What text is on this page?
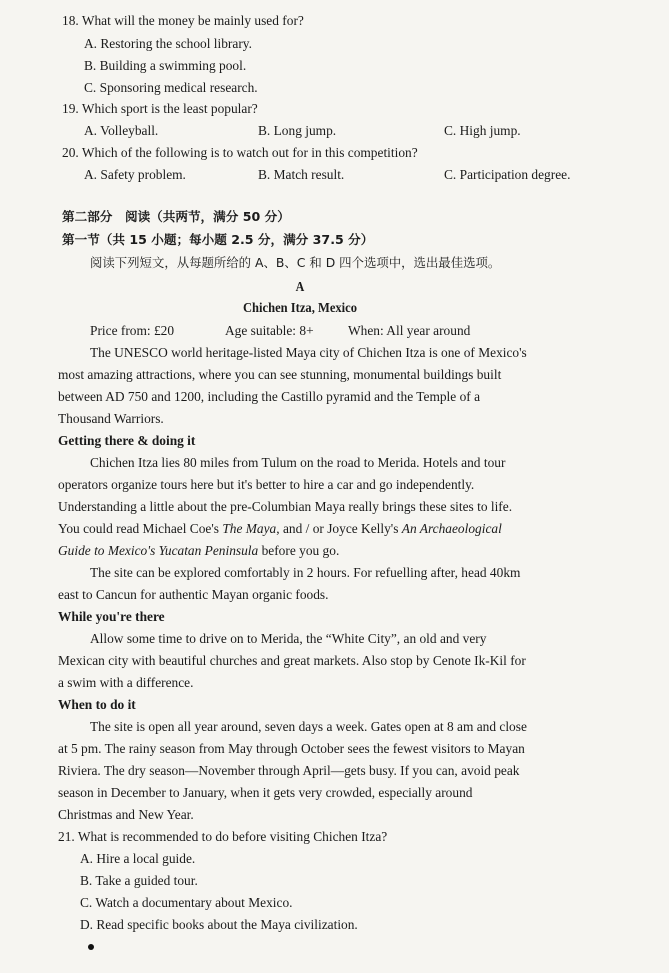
18. What will the money be mainly used for?
A. Restoring the school library.
B. Building a swimming pool.
C. Sponsoring medical research.
19. Which sport is the least popular?
A. Volleyball.	B. Long jump.	C. High jump.
20. Which of the following is to watch out for in this competition?
A. Safety problem.	B. Match result.	C. Participation degree.
第二部分　阅读（共两节，满分 50 分）
第一节（共 15 小题；每小题 2.5 分，满分 37.5 分）
阅读下列短文，从每题所给的 A、B、C 和 D 四个选项中，选出最佳选项。
A
Chichen Itza, Mexico
Price from: £20	Age suitable: 8+	When: All year around
The UNESCO world heritage-listed Maya city of Chichen Itza is one of Mexico's
most amazing attractions, where you can see stunning, monumental buildings built
between AD 750 and 1200, including the Castillo pyramid and the Temple of a
Thousand Warriors.
Getting there & doing it
Chichen Itza lies 80 miles from Tulum on the road to Merida. Hotels and tour
operators organize tours here but it's better to hire a car and go independently.
Understanding a little about the pre-Columbian Maya really brings these sites to life.
You could read Michael Coe's The Maya, and / or Joyce Kelly's An Archaeological
Guide to Mexico's Yucatan Peninsula before you go.
The site can be explored comfortably in 2 hours. For refuelling after, head 40km
east to Cancun for authentic Mayan organic foods.
While you're there
Allow some time to drive on to Merida, the “White City”, an old and very
Mexican city with beautiful churches and great markets. Also stop by Cenote Ik-Kil for
a swim with a difference.
When to do it
The site is open all year around, seven days a week. Gates open at 8 am and close
at 5 pm. The rainy season from May through October sees the fewest visitors to Mayan
Riviera. The dry season—November through April—gets busy. If you can, avoid peak
season in December to January, when it gets very crowded, especially around
Christmas and New Year.
21. What is recommended to do before visiting Chichen Itza?
A. Hire a local guide.
B. Take a guided tour.
C. Watch a documentary about Mexico.
D. Read specific books about the Maya civilization.
